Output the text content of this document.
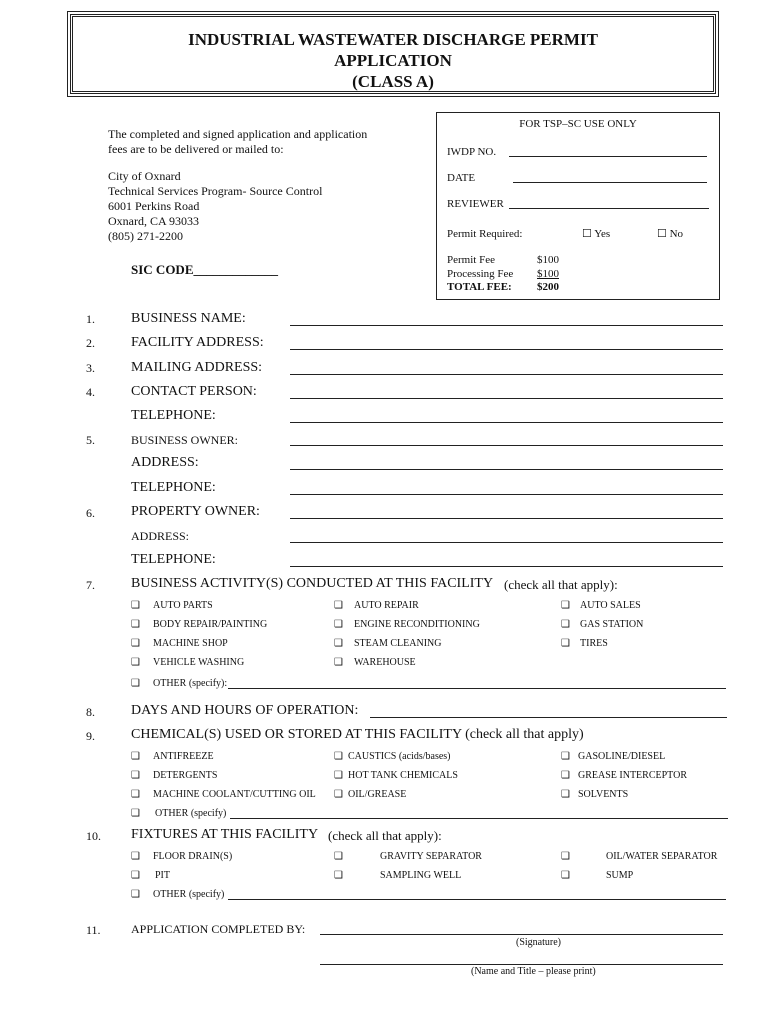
INDUSTRIAL WASTEWATER DISCHARGE PERMIT
APPLICATION
(CLASS A)
The completed and signed application and application
fees are to be delivered or mailed to:
City of Oxnard
Technical Services Program- Source Control
6001 Perkins Road
Oxnard, CA 93033
(805) 271-2200
SIC CODE_____________
FOR TSP–SC USE ONLY
IWDP NO.
DATE
REVIEWER
Permit Required:	☐ Yes	☐ No
Permit Fee	$100
Processing Fee $100
TOTAL FEE: $200
1.	BUSINESS NAME:
2.	FACILITY ADDRESS:
3.	MAILING ADDRESS:
4.	CONTACT PERSON:
TELEPHONE:
5.	BUSINESS OWNER:
ADDRESS:
TELEPHONE:
6.	PROPERTY OWNER:
ADDRESS:
TELEPHONE:
7.	BUSINESS ACTIVITY(S) CONDUCTED AT THIS FACILITY (check all that apply):
❑ AUTO PARTS	❑ AUTO REPAIR	❑ AUTO SALES
❑ BODY REPAIR/PAINTING	❑ ENGINE RECONDITIONING	❑ GAS STATION
❑ MACHINE SHOP	❑ STEAM CLEANING	❑ TIRES
❑ VEHICLE WASHING	❑ WAREHOUSE
❑ OTHER (specify):
8.	DAYS AND HOURS OF OPERATION:
9.	CHEMICAL(S) USED OR STORED AT THIS FACILITY (check all that apply)
❑ ANTIFREEZE	❑ CAUSTICS (acids/bases)	❑ GASOLINE/DIESEL
❑ DETERGENTS	❑ HOT TANK CHEMICALS	❑ GREASE INTERCEPTOR
❑ MACHINE COOLANT/CUTTING OIL ❑ OIL/GREASE	❑ SOLVENTS
❑ OTHER (specify)
10. FIXTURES AT THIS FACILITY (check all that apply):
❑ FLOOR DRAIN(S)	❑	GRAVITY SEPARATOR	❑	OIL/WATER SEPARATOR
❑ PIT	❑	SAMPLING WELL	❑	SUMP
❑ OTHER (specify)
11.	APPLICATION COMPLETED BY:
(Signature)
(Name and Title – please print)
